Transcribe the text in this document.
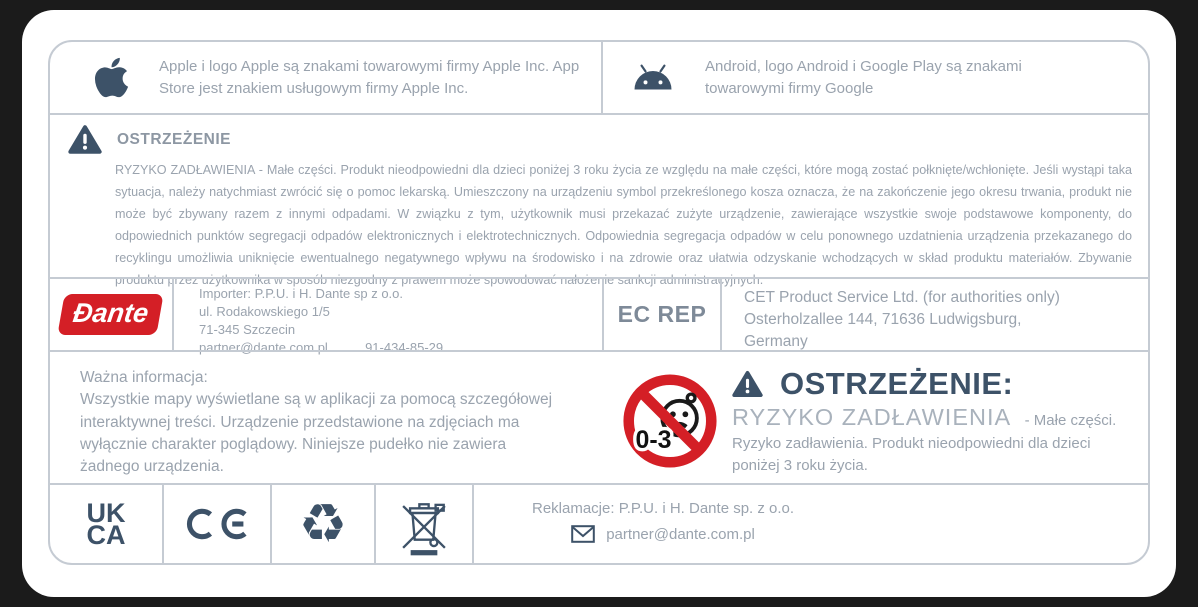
Apple i logo Apple są znakami towarowymi firmy Apple Inc. App Store jest znakiem usługowym firmy Apple Inc.
Android, logo Android i Google Play są znakami towarowymi firmy Google
OSTRZEŻENIE
RYZYKO ZADŁAWIENIA - Małe części. Produkt nieodpowiedni dla dzieci poniżej 3 roku życia ze względu na małe części, które mogą zostać połknięte/wchłonięte. Jeśli wystąpi taka sytuacja, należy natychmiast zwrócić się o pomoc lekarską. Umieszczony na urządzeniu symbol przekreślonego kosza oznacza, że na zakończenie jego okresu trwania, produkt nie może być zbywany razem z innymi odpadami. W związku z tym, użytkownik musi przekazać zużyte urządzenie, zawierające wszystkie swoje podstawowe komponenty, do odpowiednich punktów segregacji odpadów elektronicznych i elektrotechnicznych. Odpowiednia segregacja odpadów w celu ponownego uzdatnienia urządzenia przekazanego do recyklingu umożliwia uniknięcie ewentualnego negatywnego wpływu na środowisko i na zdrowie oraz ułatwia odzyskanie wchodzących w skład produktu materiałów. Zbywanie produktu przez użytkownika w sposób niezgodny z prawem może spowodować nałożenie sankcji administracyjnych.
Ðante
Importer: P.P.U. i H. Dante sp z o.o.
ul. Rodakowskiego 1/5
71-345 Szczecin
partner@dante.com.pl	91-434-85-29
EC REP
CET Product Service Ltd. (for authorities only)
Osterholzallee 144, 71636 Ludwigsburg,
Germany
Ważna informacja:
Wszystkie mapy wyświetlane są w aplikacji za pomocą szczegółowej interaktywnej treści. Urządzenie przedstawione na zdjęciach ma wyłącznie charakter poglądowy. Niniejsze pudełko nie zawiera żadnego urządzenia.
0-3
OSTRZEŻENIE:
RYZYKO ZADŁAWIENIA - Małe części.
Ryzyko zadławienia. Produkt nieodpowiedni dla dzieci poniżej 3 roku życia.
UK
CA	♻	Reklamacje: P.P.U. i H. Dante sp. z o.o.
partner@dante.com.pl
